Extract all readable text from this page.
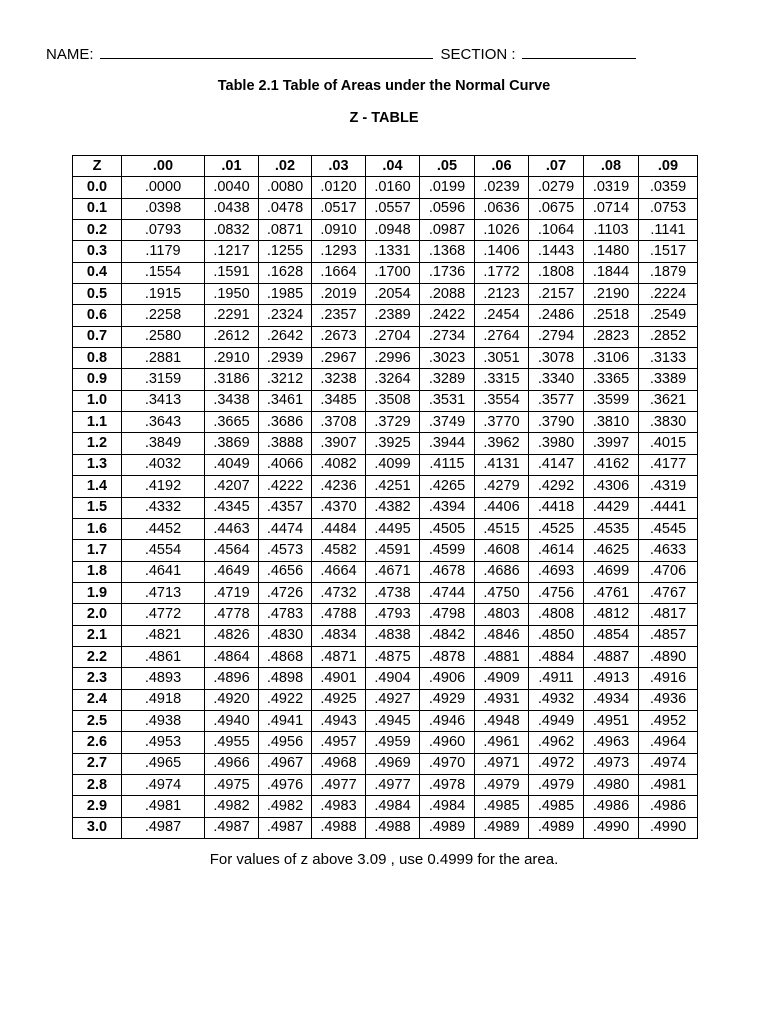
NAME:	SECTION :
Table 2.1 Table of Areas under the Normal Curve
Z - TABLE
Z	.00	.01	.02	.03	.04	.05	.06	.07	.08	.09
0.0	.0000	.0040	.0080	.0120	.0160	.0199	.0239	.0279	.0319	.0359
0.1	.0398	.0438	.0478	.0517	.0557	.0596	.0636	.0675	.0714	.0753
0.2	.0793	.0832	.0871	.0910	.0948	.0987	.1026	.1064	.1103	.1141
0.3	.1179	.1217	.1255	.1293	.1331	.1368	.1406	.1443	.1480	.1517
0.4	.1554	.1591	.1628	.1664	.1700	.1736	.1772	.1808	.1844	.1879
0.5	.1915	.1950	.1985	.2019	.2054	.2088	.2123	.2157	.2190	.2224
0.6	.2258	.2291	.2324	.2357	.2389	.2422	.2454	.2486	.2518	.2549
0.7	.2580	.2612	.2642	.2673	.2704	.2734	.2764	.2794	.2823	.2852
0.8	.2881	.2910	.2939	.2967	.2996	.3023	.3051	.3078	.3106	.3133
0.9	.3159	.3186	.3212	.3238	.3264	.3289	.3315	.3340	.3365	.3389
1.0	.3413	.3438	.3461	.3485	.3508	.3531	.3554	.3577	.3599	.3621
1.1	.3643	.3665	.3686	.3708	.3729	.3749	.3770	.3790	.3810	.3830
1.2	.3849	.3869	.3888	.3907	.3925	.3944	.3962	.3980	.3997	.4015
1.3	.4032	.4049	.4066	.4082	.4099	.4115	.4131	.4147	.4162	.4177
1.4	.4192	.4207	.4222	.4236	.4251	.4265	.4279	.4292	.4306	.4319
1.5	.4332	.4345	.4357	.4370	.4382	.4394	.4406	.4418	.4429	.4441
1.6	.4452	.4463	.4474	.4484	.4495	.4505	.4515	.4525	.4535	.4545
1.7	.4554	.4564	.4573	.4582	.4591	.4599	.4608	.4614	.4625	.4633
1.8	.4641	.4649	.4656	.4664	.4671	.4678	.4686	.4693	.4699	.4706
1.9	.4713	.4719	.4726	.4732	.4738	.4744	.4750	.4756	.4761	.4767
2.0	.4772	.4778	.4783	.4788	.4793	.4798	.4803	.4808	.4812	.4817
2.1	.4821	.4826	.4830	.4834	.4838	.4842	.4846	.4850	.4854	.4857
2.2	.4861	.4864	.4868	.4871	.4875	.4878	.4881	.4884	.4887	.4890
2.3	.4893	.4896	.4898	.4901	.4904	.4906	.4909	.4911	.4913	.4916
2.4	.4918	.4920	.4922	.4925	.4927	.4929	.4931	.4932	.4934	.4936
2.5	.4938	.4940	.4941	.4943	.4945	.4946	.4948	.4949	.4951	.4952
2.6	.4953	.4955	.4956	.4957	.4959	.4960	.4961	.4962	.4963	.4964
2.7	.4965	.4966	.4967	.4968	.4969	.4970	.4971	.4972	.4973	.4974
2.8	.4974	.4975	.4976	.4977	.4977	.4978	.4979	.4979	.4980	.4981
2.9	.4981	.4982	.4982	.4983	.4984	.4984	.4985	.4985	.4986	.4986
3.0	.4987	.4987	.4987	.4988	.4988	.4989	.4989	.4989	.4990	.4990
For values of z above 3.09 , use 0.4999 for the area.
